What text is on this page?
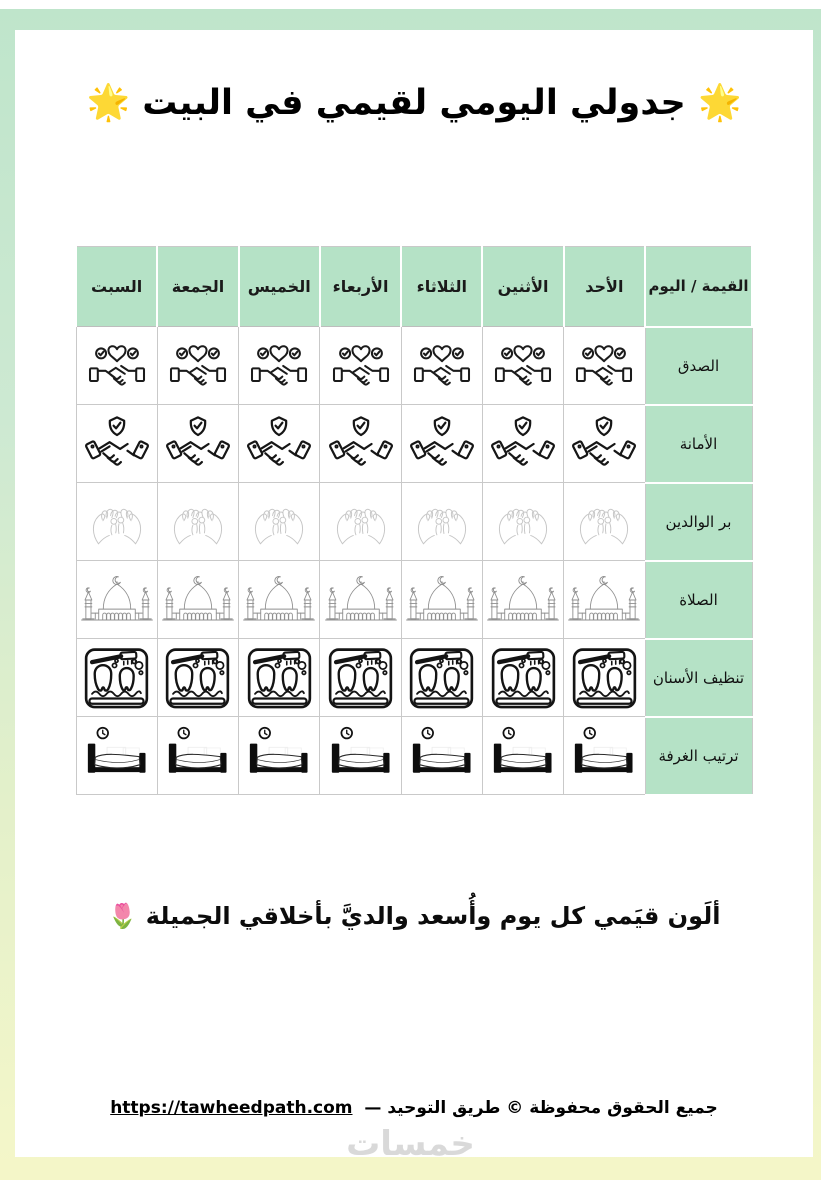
🌟 جدولي اليومي لقيمي في البيت 🌟
القيمة / اليوم	الأحد	الأثنين	الثلاثاء	الأربعاء	الخميس	الجمعة	السبت
الصدق							
الأمانة							
بر الوالدين							
الصلاة							
تنظيف الأسنان							
ترتيب الغرفة							
ألَون قيَمي كل يوم وأُسعد والديَّ بأخلاقي الجميلة 🌷
جميع الحقوق محفوظة © طريق التوحيد — https://tawheedpath.com
خمسات
